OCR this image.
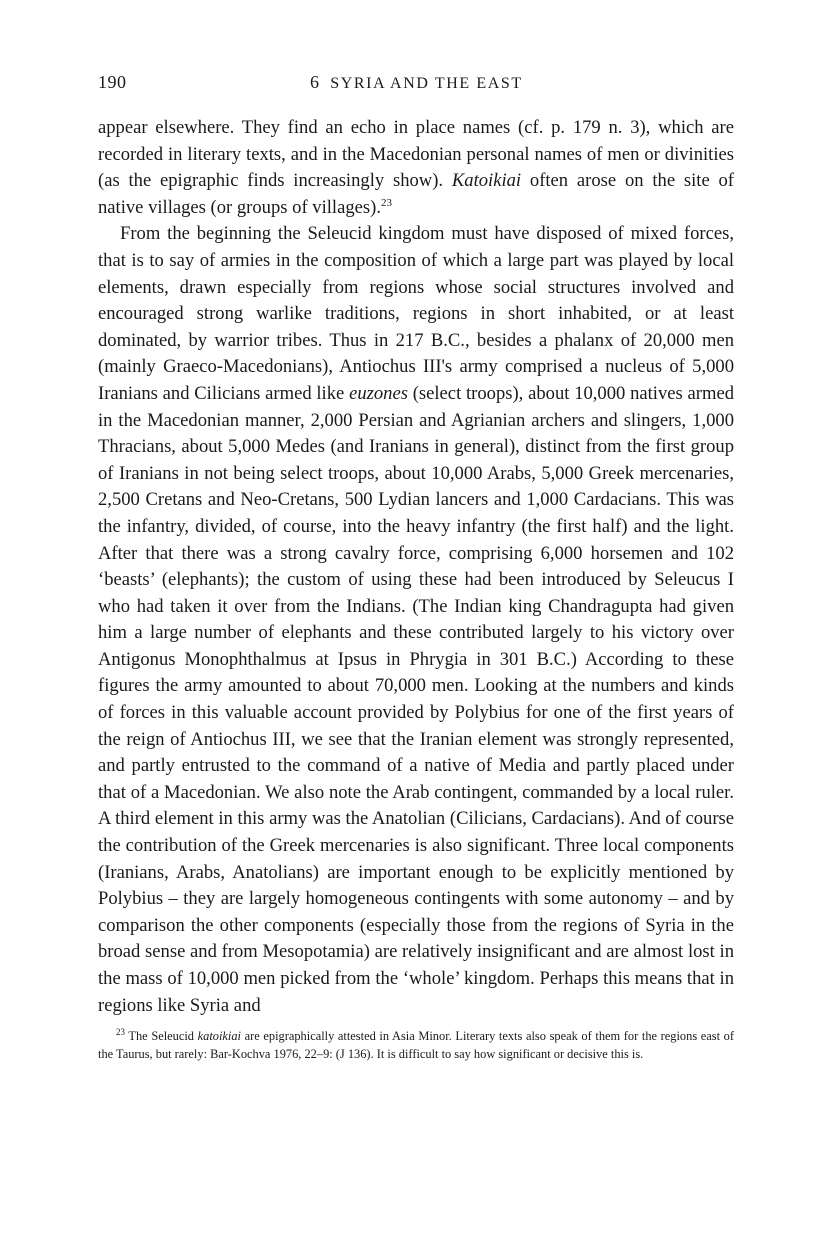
190	6 SYRIA AND THE EAST

appear elsewhere. They find an echo in place names (cf. p. 179 n. 3), which are recorded in literary texts, and in the Macedonian personal names of men or divinities (as the epigraphic finds increasingly show). Katoikiai often arose on the site of native villages (or groups of villages).$^{23}$

From the beginning the Seleucid kingdom must have disposed of mixed forces, that is to say of armies in the composition of which a large part was played by local elements, drawn especially from regions whose social structures involved and encouraged strong warlike traditions, regions in short inhabited, or at least dominated, by warrior tribes. Thus in 217 B.C., besides a phalanx of 20,000 men (mainly Graeco-Macedonians), Antiochus III's army comprised a nucleus of 5,000 Iranians and Cilicians armed like euzones (select troops), about 10,000 natives armed in the Macedonian manner, 2,000 Persian and Agrianian archers and slingers, 1,000 Thracians, about 5,000 Medes (and Iranians in general), distinct from the first group of Iranians in not being select troops, about 10,000 Arabs, 5,000 Greek mercenaries, 2,500 Cretans and Neo-Cretans, 500 Lydian lancers and 1,000 Cardacians. This was the infantry, divided, of course, into the heavy infantry (the first half) and the light. After that there was a strong cavalry force, comprising 6,000 horsemen and 102 ‘beasts’ (elephants); the custom of using these had been introduced by Seleucus I who had taken it over from the Indians. (The Indian king Chandragupta had given him a large number of elephants and these contributed largely to his victory over Antigonus Monophthalmus at Ipsus in Phrygia in 301 B.C.) According to these figures the army amounted to about 70,000 men. Looking at the numbers and kinds of forces in this valuable account provided by Polybius for one of the first years of the reign of Antiochus III, we see that the Iranian element was strongly represented, and partly entrusted to the command of a native of Media and partly placed under that of a Macedonian. We also note the Arab contingent, commanded by a local ruler. A third element in this army was the Anatolian (Cilicians, Cardacians). And of course the contribution of the Greek mercenaries is also significant. Three local components (Iranians, Arabs, Anatolians) are important enough to be explicitly mentioned by Polybius – they are largely homogeneous contingents with some autonomy – and by comparison the other components (especially those from the regions of Syria in the broad sense and from Mesopotamia) are relatively insignificant and are almost lost in the mass of 10,000 men picked from the ‘whole’ kingdom. Perhaps this means that in regions like Syria and

$^{23}$ The Seleucid katoikiai are epigraphically attested in Asia Minor. Literary texts also speak of them for the regions east of the Taurus, but rarely: Bar-Kochva 1976, 22–9: (J 136). It is difficult to say how significant or decisive this is.
